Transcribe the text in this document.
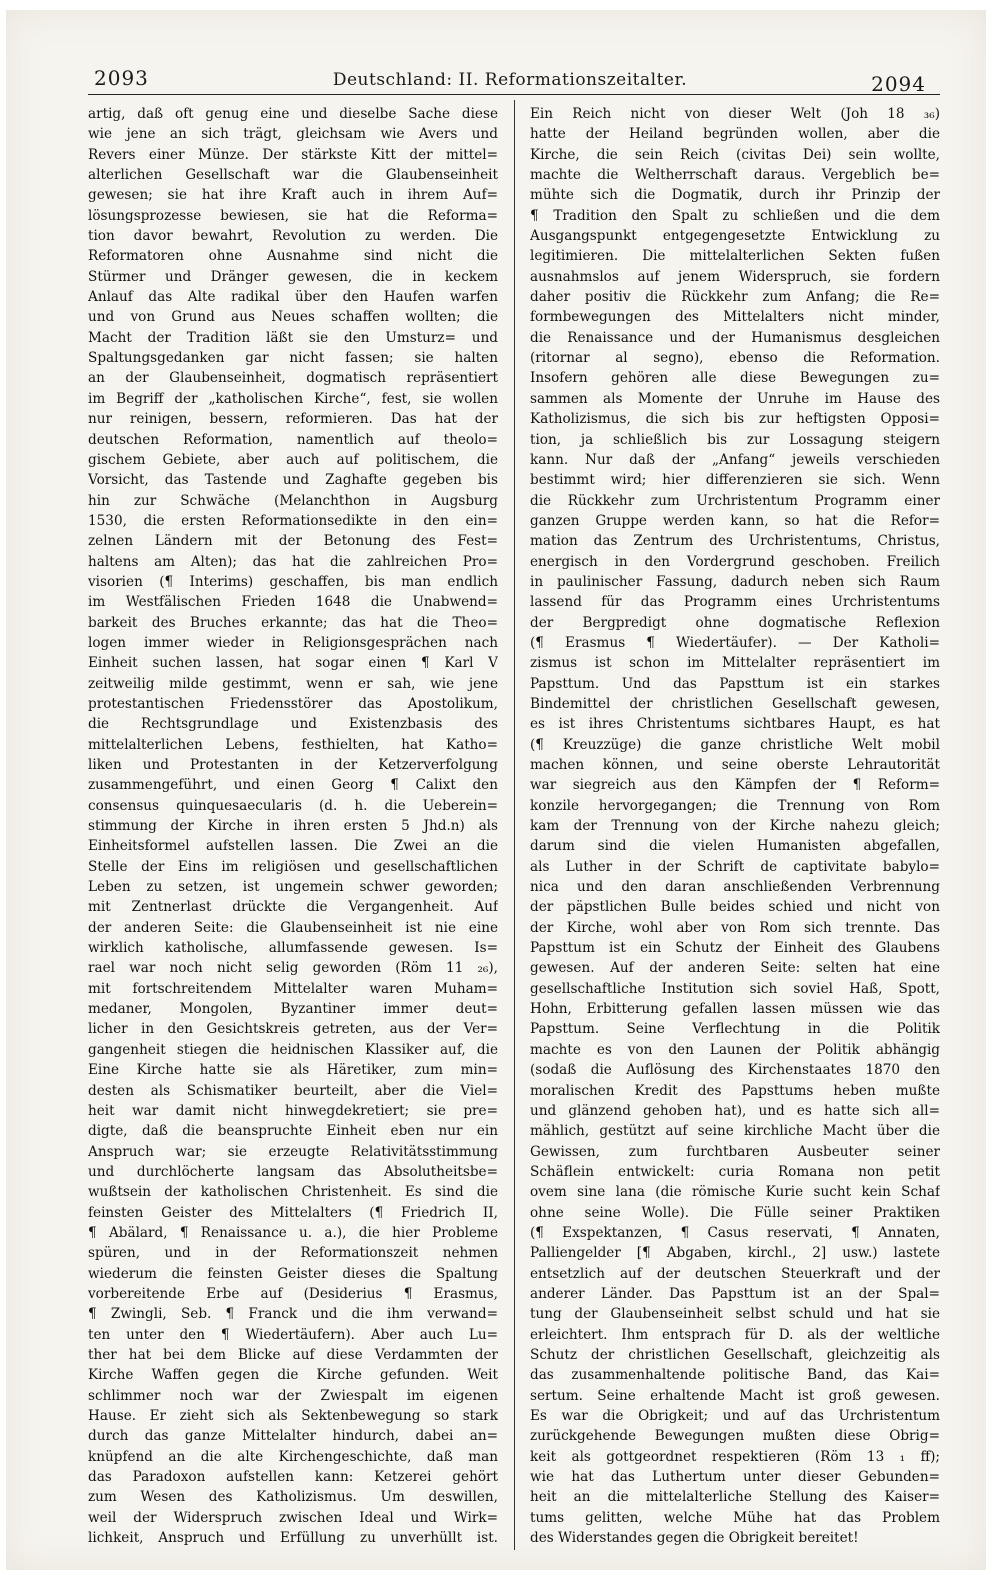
2093	Deutschland: II. Reformationszeitalter.	2094

artig, daß oft genug eine und dieselbe Sache diese

wie jene an sich trägt, gleichsam wie Avers und

Revers einer Münze. Der stärkste Kitt der mittel=

alterlichen Gesellschaft war die Glaubenseinheit

gewesen; sie hat ihre Kraft auch in ihrem Auf=

lösungsprozesse bewiesen, sie hat die Reforma=

tion davor bewahrt, Revolution zu werden. Die

Reformatoren ohne Ausnahme sind nicht die

Stürmer und Dränger gewesen, die in keckem

Anlauf das Alte radikal über den Haufen warfen

und von Grund aus Neues schaffen wollten; die

Macht der Tradition läßt sie den Umsturz= und

Spaltungsgedanken gar nicht fassen; sie halten

an der Glaubenseinheit, dogmatisch repräsentiert

im Begriff der „katholischen Kirche“, fest, sie wollen

nur reinigen, bessern, reformieren. Das hat der

deutschen Reformation, namentlich auf theolo=

gischem Gebiete, aber auch auf politischem, die

Vorsicht, das Tastende und Zaghafte gegeben bis

hin zur Schwäche (Melanchthon in Augsburg

1530, die ersten Reformationsedikte in den ein=

zelnen Ländern mit der Betonung des Fest=

haltens am Alten); das hat die zahlreichen Pro=

visorien (¶ Interims) geschaffen, bis man endlich

im Westfälischen Frieden 1648 die Unabwend=

barkeit des Bruches erkannte; das hat die Theo=

logen immer wieder in Religionsgesprächen nach

Einheit suchen lassen, hat sogar einen ¶ Karl V

zeitweilig milde gestimmt, wenn er sah, wie jene

protestantischen Friedensstörer das Apostolikum,

die Rechtsgrundlage und Existenzbasis des

mittelalterlichen Lebens, festhielten, hat Katho=

liken und Protestanten in der Ketzerverfolgung

zusammengeführt, und einen Georg ¶ Calixt den

consensus quinquesaecularis (d. h. die Ueberein=

stimmung der Kirche in ihren ersten 5 Jhd.n) als

Einheitsformel aufstellen lassen. Die Zwei an die

Stelle der Eins im religiösen und gesellschaftlichen

Leben zu setzen, ist ungemein schwer geworden;

mit Zentnerlast drückte die Vergangenheit. Auf

der anderen Seite: die Glaubenseinheit ist nie eine

wirklich katholische, allumfassende gewesen. Is=

rael war noch nicht selig geworden (Röm 11 ₂₆),

mit fortschreitendem Mittelalter waren Muham=

medaner, Mongolen, Byzantiner immer deut=

licher in den Gesichtskreis getreten, aus der Ver=

gangenheit stiegen die heidnischen Klassiker auf, die

Eine Kirche hatte sie als Häretiker, zum min=

desten als Schismatiker beurteilt, aber die Viel=

heit war damit nicht hinwegdekretiert; sie pre=

digte, daß die beanspruchte Einheit eben nur ein

Anspruch war; sie erzeugte Relativitätsstimmung

und durchlöcherte langsam das Absolutheitsbe=

wußtsein der katholischen Christenheit. Es sind die

feinsten Geister des Mittelalters (¶ Friedrich II,

¶ Abälard, ¶ Renaissance u. a.), die hier Probleme

spüren, und in der Reformationszeit nehmen

wiederum die feinsten Geister dieses die Spaltung

vorbereitende Erbe auf (Desiderius ¶ Erasmus,

¶ Zwingli, Seb. ¶ Franck und die ihm verwand=

ten unter den ¶ Wiedertäufern). Aber auch Lu=

ther hat bei dem Blicke auf diese Verdammten der

Kirche Waffen gegen die Kirche gefunden. Weit

schlimmer noch war der Zwiespalt im eigenen

Hause. Er zieht sich als Sektenbewegung so stark

durch das ganze Mittelalter hindurch, dabei an=

knüpfend an die alte Kirchengeschichte, daß man

das Paradoxon aufstellen kann: Ketzerei gehört

zum Wesen des Katholizismus. Um deswillen,

weil der Widerspruch zwischen Ideal und Wirk=

lichkeit, Anspruch und Erfüllung zu unverhüllt ist.

Ein Reich nicht von dieser Welt (Joh 18 ₃₆)

hatte der Heiland begründen wollen, aber die

Kirche, die sein Reich (civitas Dei) sein wollte,

machte die Weltherrschaft daraus. Vergeblich be=

mühte sich die Dogmatik, durch ihr Prinzip der

¶ Tradition den Spalt zu schließen und die dem

Ausgangspunkt entgegengesetzte Entwicklung zu

legitimieren. Die mittelalterlichen Sekten fußen

ausnahmslos auf jenem Widerspruch, sie fordern

daher positiv die Rückkehr zum Anfang; die Re=

formbewegungen des Mittelalters nicht minder,

die Renaissance und der Humanismus desgleichen

(ritornar al segno), ebenso die Reformation.

Insofern gehören alle diese Bewegungen zu=

sammen als Momente der Unruhe im Hause des

Katholizismus, die sich bis zur heftigsten Opposi=

tion, ja schließlich bis zur Lossagung steigern

kann. Nur daß der „Anfang“ jeweils verschieden

bestimmt wird; hier differenzieren sie sich. Wenn

die Rückkehr zum Urchristentum Programm einer

ganzen Gruppe werden kann, so hat die Refor=

mation das Zentrum des Urchristentums, Christus,

energisch in den Vordergrund geschoben. Freilich

in paulinischer Fassung, dadurch neben sich Raum

lassend für das Programm eines Urchristentums

der Bergpredigt ohne dogmatische Reflexion

(¶ Erasmus ¶ Wiedertäufer). — Der Katholi=

zismus ist schon im Mittelalter repräsentiert im

Papsttum. Und das Papsttum ist ein starkes

Bindemittel der christlichen Gesellschaft gewesen,

es ist ihres Christentums sichtbares Haupt, es hat

(¶ Kreuzzüge) die ganze christliche Welt mobil

machen können, und seine oberste Lehrautorität

war siegreich aus den Kämpfen der ¶ Reform=

konzile hervorgegangen; die Trennung von Rom

kam der Trennung von der Kirche nahezu gleich;

darum sind die vielen Humanisten abgefallen,

als Luther in der Schrift de captivitate babylo=

nica und den daran anschließenden Verbrennung

der päpstlichen Bulle beides schied und nicht von

der Kirche, wohl aber von Rom sich trennte. Das

Papsttum ist ein Schutz der Einheit des Glaubens

gewesen. Auf der anderen Seite: selten hat eine

gesellschaftliche Institution sich soviel Haß, Spott,

Hohn, Erbitterung gefallen lassen müssen wie das

Papsttum. Seine Verflechtung in die Politik

machte es von den Launen der Politik abhängig

(sodaß die Auflösung des Kirchenstaates 1870 den

moralischen Kredit des Papsttums heben mußte

und glänzend gehoben hat), und es hatte sich all=

mählich, gestützt auf seine kirchliche Macht über die

Gewissen, zum furchtbaren Ausbeuter seiner

Schäflein entwickelt: curia Romana non petit

ovem sine lana (die römische Kurie sucht kein Schaf

ohne seine Wolle). Die Fülle seiner Praktiken

(¶ Exspektanzen, ¶ Casus reservati, ¶ Annaten,

Palliengelder [¶ Abgaben, kirchl., 2] usw.) lastete

entsetzlich auf der deutschen Steuerkraft und der

anderer Länder. Das Papsttum ist an der Spal=

tung der Glaubenseinheit selbst schuld und hat sie

erleichtert. Ihm entsprach für D. als der weltliche

Schutz der christlichen Gesellschaft, gleichzeitig als

das zusammenhaltende politische Band, das Kai=

sertum. Seine erhaltende Macht ist groß gewesen.

Es war die Obrigkeit; und auf das Urchristentum

zurückgehende Bewegungen mußten diese Obrig=

keit als gottgeordnet respektieren (Röm 13 ₁ ff);

wie hat das Luthertum unter dieser Gebunden=

heit an die mittelalterliche Stellung des Kaiser=

tums gelitten, welche Mühe hat das Problem

des Widerstandes gegen die Obrigkeit bereitet!
